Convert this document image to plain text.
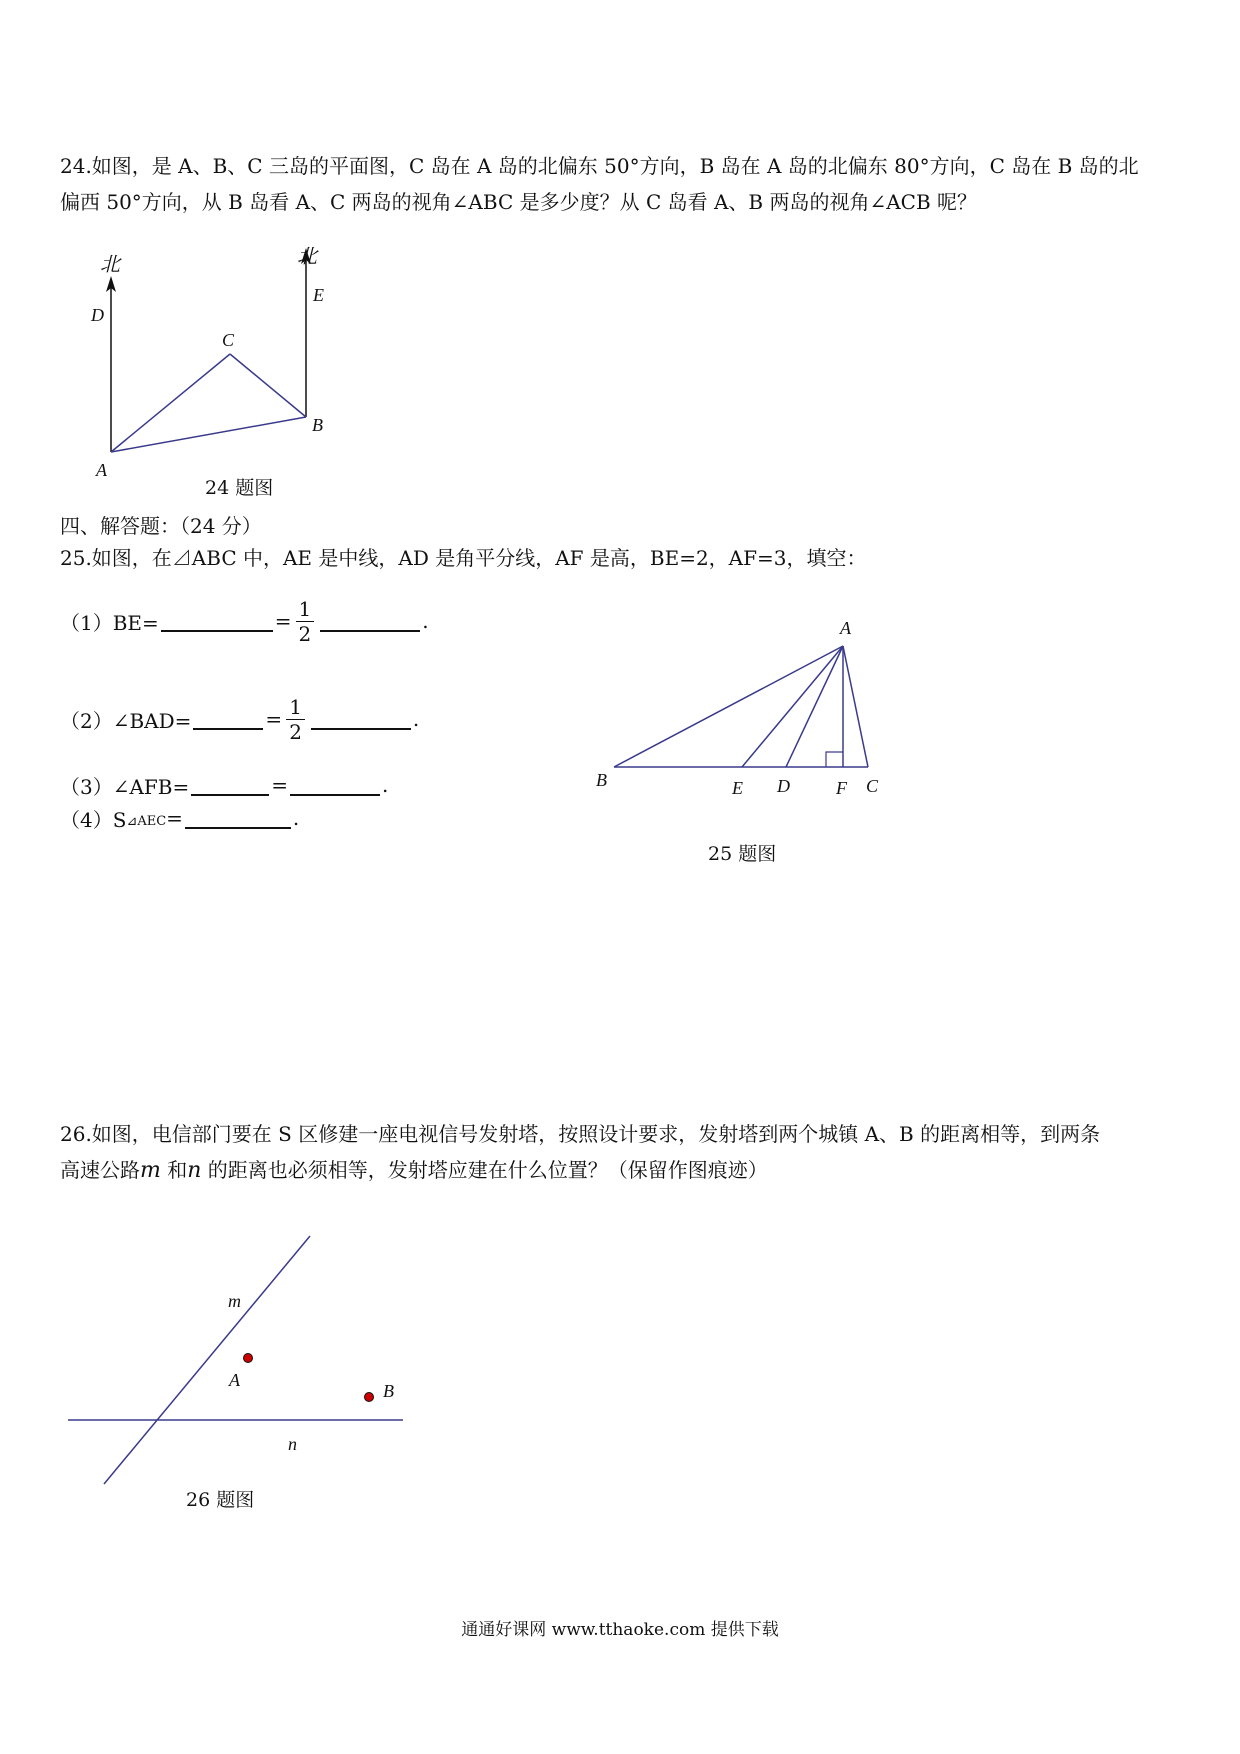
24.如图，是 A、B、C 三岛的平面图，C 岛在 A 岛的北偏东 50°方向，B 岛在 A 岛的北偏东 80°方向，C 岛在 B 岛的北
偏西 50°方向，从 B 岛看 A、C 两岛的视角∠ABC 是多少度？从 C 岛看 A、B 两岛的视角∠ACB 呢？
北	北
D
E
C
B
A
24 题图
四、解答题：（24 分）
25.如图，在⊿ABC 中，AE 是中线，AD 是角平分线，AF 是高，BE=2，AF=3，填空：
（1）BE=	= $\frac{1}{2}$	.
（2）∠BAD=	= $\frac{1}{2}$	.
（3）∠AFB=	=	.
（4）S ⊿AEC =	.
A
B	E D	F C
25 题图
26.如图，电信部门要在 S 区修建一座电视信号发射塔，按照设计要求，发射塔到两个城镇 A、B 的距离相等，到两条
高速公路m 和n 的距离也必须相等，发射塔应建在什么位置？（保留作图痕迹）
m
n
A
B
26 题图
通通好课网 www.tthaoke.com 提供下载
